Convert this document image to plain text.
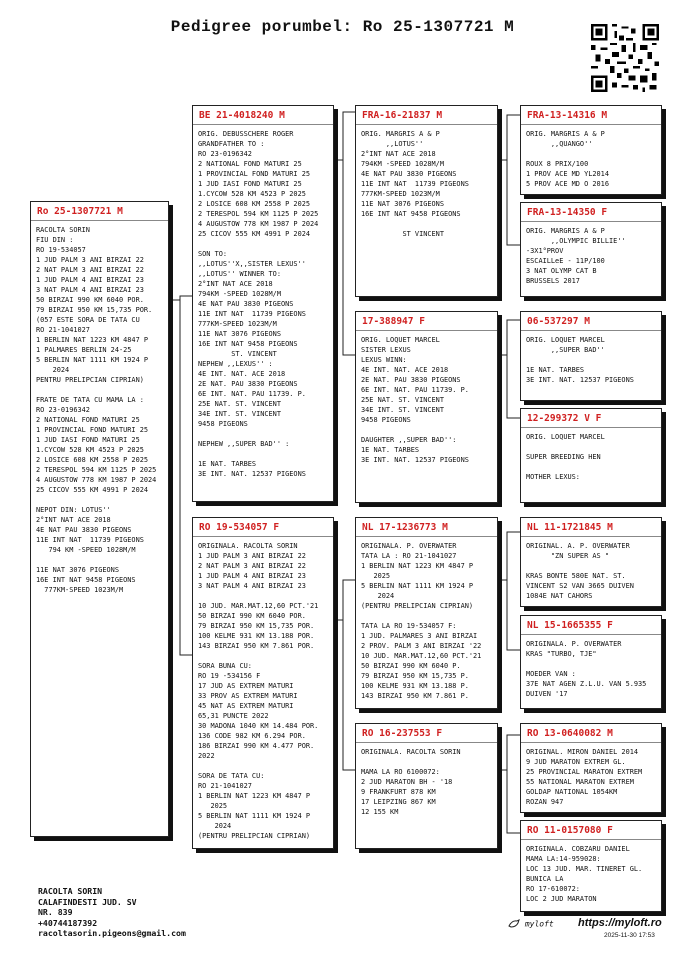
Pedigree porumbel: Ro 25-1307721 M
Ro 25-1307721 M
RACOLTA SORIN
FIU DIN :
RO 19-534057
1 JUD PALM 3 ANI BIRZAI 22
2 NAT PALM 3 ANI BIRZAI 22
1 JUD PALM 4 ANI BIRZAI 23
3 NAT PALM 4 ANI BIRZAI 23
50 BIRZAI 990 KM 6040 POR.
79 BIRZAI 950 KM 15,735 POR.
(057 ESTE SORA DE TATA CU
RO 21-1041027
1 BERLIN NAT 1223 KM 4847 P
1 PALMARES BERLIN 24-25
5 BERLIN NAT 1111 KM 1924 P
2024
PENTRU PRELIPCIAN CIPRIAN)

FRATE DE TATA CU MAMA LA :
RO 23-0196342
2 NATIONAL FOND MATURI 25
1 PROVINCIAL FOND MATURI 25
1 JUD IASI FOND MATURI 25
1.CYCOW 528 KM 4523 P 2025
2 LOSICE 608 KM 2558 P 2025
2 TERESPOL 594 KM 1125 P 2025
4 AUGUSTOW 778 KM 1987 P 2024
25 CICOV 555 KM 4991 P 2024

NEPOT DIN: LOTUS''
2°INT NAT ACE 2018
4E NAT PAU 3830 PIGEONS
11E INT NAT  11739 PIGEONS
794 KM -SPEED 1028M/M

11E NAT 3076 PIGEONS
16E INT NAT 9458 PIGEONS
777KM-SPEED 1023M/M
BE 21-4018240 M
ORIG. DEBUSSCHERE ROGER
GRANDFATHER TO :
RO 23-0196342
2 NATIONAL FOND MATURI 25
1 PROVINCIAL FOND MATURI 25
1 JUD IASI FOND MATURI 25
1.CYCOW 528 KM 4523 P 2025
2 LOSICE 608 KM 2558 P 2025
2 TERESPOL 594 KM 1125 P 2025
4 AUGUSTOW 778 KM 1987 P 2024
25 CICOV 555 KM 4991 P 2024

SON TO:
,,LOTUS''X,,SISTER LEXUS''
,,LOTUS'' WINNER TO:
2°INT NAT ACE 2018
794KM -SPEED 1028M/M
4E NAT PAU 3830 PIGEONS
11E INT NAT  11739 PIGEONS
777KM-SPEED 1023M/M
11E NAT 3076 PIGEONS
16E INT NAT 9458 PIGEONS
ST. VINCENT
NEPHEW ,,LEXUS'' :
4E INT. NAT. ACE 2018
2E NAT. PAU 3830 PIGEONS
6E INT. NAT. PAU 11739. P.
25E NAT. ST. VINCENT
34E INT. ST. VINCENT
9458 PIGEONS

NEPHEW ,,SUPER BAD'' :

1E NAT. TARBES
3E INT. NAT. 12537 PIGEONS
RO 19-534057 F
ORIGINALA. RACOLTA SORIN
1 JUD PALM 3 ANI BIRZAI 22
2 NAT PALM 3 ANI BIRZAI 22
1 JUD PALM 4 ANI BIRZAI 23
3 NAT PALM 4 ANI BIRZAI 23

10 JUD. MAR.MAT.12,60 PCT.'21
50 BIRZAI 990 KM 6040 POR.
79 BIRZAI 950 KM 15,735 POR.
100 KELME 931 KM 13.188 POR.
143 BIRZAI 950 KM 7.861 POR.

SORA BUNA CU:
RO 19 -534156 F
17 JUD AS EXTREM MATURI
33 PROV AS EXTREM MATURI
45 NAT AS EXTREM MATURI
65,31 PUNCTE 2022
30 MADONA 1040 KM 14.484 POR.
136 CODE 982 KM 6.294 POR.
186 BIRZAI 990 KM 4.477 POR.
2022

SORA DE TATA CU:
RO 21-1041027
1 BERLIN NAT 1223 KM 4847 P
2025
5 BERLIN NAT 1111 KM 1924 P
2024
(PENTRU PRELIPCIAN CIPRIAN)
FRA-16-21837 M
ORIG. MARGRIS A & P
,,LOTUS''
2°INT NAT ACE 2018
794KM -SPEED 1028M/M
4E NAT PAU 3830 PIGEONS
11E INT NAT  11739 PIGEONS
777KM-SPEED 1023M/M
11E NAT 3076 PIGEONS
16E INT NAT 9458 PIGEONS

ST VINCENT
17-388947 F
ORIG. LOQUET MARCEL
SISTER LEXUS
LEXUS WINN:
4E INT. NAT. ACE 2018
2E NAT. PAU 3830 PIGEONS
6E INT. NAT. PAU 11739. P.
25E NAT. ST. VINCENT
34E INT. ST. VINCENT
9458 PIGEONS

DAUGHTER ,,SUPER BAD'':
1E NAT. TARBES
3E INT. NAT. 12537 PIGEONS
NL 17-1236773 M
ORIGINALA. P. OVERWATER
TATA LA : RO 21-1041027
1 BERLIN NAT 1223 KM 4847 P
2025
5 BERLIN NAT 1111 KM 1924 P
2024
(PENTRU PRELIPCIAN CIPRIAN)

TATA LA RO 19-534057 F:
1 JUD. PALMARES 3 ANI BIRZAI
2 PROV. PALM 3 ANI BIRZAI '22
10 JUD. MAR.MAT.12,60 PCT.'21
50 BIRZAI 990 KM 6040 P.
79 BIRZAI 950 KM 15,735 P.
100 KELME 931 KM 13.188 P.
143 BIRZAI 950 KM 7.861 P.
RO 16-237553 F
ORIGINALA. RACOLTA SORIN

MAMA LA RO 6100072:
2 JUD MARATON BH - '18
9 FRANKFURT 878 KM
17 LEIPZING 867 KM
12 155 KM
FRA-13-14316 M
ORIG. MARGRIS A & P
,,QUANGO''

ROUX 8 PRIX/100
1 PROV ACE MD YL2014
5 PROV ACE MD O 2016
FRA-13-14350 F
ORIG. MARGRIS A & P
,,OLYMPIC BILLIE''
-3X1°PROV
ESCAILLeE - 11P/100
3 NAT OLYMP CAT B
BRUSSELS 2017
06-537297 M
ORIG. LOQUET MARCEL
,,SUPER BAD''

1E NAT. TARBES
3E INT. NAT. 12537 PIGEONS
12-299372 V F
ORIG. LOQUET MARCEL

SUPER BREEDING HEN

MOTHER LEXUS:
NL 11-1721845 M
ORIGINAL. A. P. OVERWATER
"ZN SUPER AS "

KRAS BONTE 580E NAT. ST.
VINCENT S2 VAN 3665 DUIVEN
1084E NAT CAHORS
NL 15-1665355 F
ORIGINALA. P. OVERWATER
KRAS "TURBO, TJE"

MOEDER VAN :
37E NAT AGEN Z.L.U. VAN 5.935
DUIVEN '17
RO 13-0640082 M
ORIGINAL. MIRON DANIEL 2014
9 JUD MARATON EXTREM GL.
25 PROVINCIAL MARATON EXTREM
55 NATIONAL MARATON EXTREM
GOLDAP NATIONAL 1054KM
ROZAN 947
RO 11-0157080 F
ORIGINALA. COBZARU DANIEL
MAMA LA:14-959028:
LOC 13 JUD. MAR. TINERET GL.
BUNICA LA
RO 17-610072:
LOC 2 JUD MARATON
RACOLTA SORIN
CALAFINDESTI JUD. SV
NR. 839
+40744187392
racoltasorin.pigeons@gmail.com
myloft https://myloft.ro
2025-11-30 17:53
